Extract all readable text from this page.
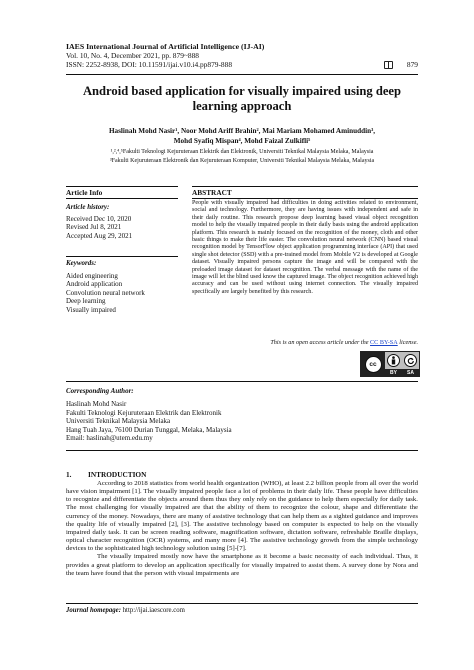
IAES International Journal of Artificial Intelligence (IJ-AI)
Vol. 10, No. 4, December 2021, pp. 879~888
ISSN: 2252-8938, DOI: 10.11591/ijai.v10.i4.pp879-888	879
Android based application for visually impaired using deep learning approach
Haslinah Mohd Nasir¹, Noor Mohd Ariff Brahin², Mai Mariam Mohamed Aminuddin³,
Mohd Syafiq Mispan⁴, Mohd Faizal Zulkifli⁵
¹,²,⁴,⁵Fakulti Teknologi Kejuruteraan Elektrik dan Elektronik, Universiti Teknikal Malaysia Melaka, Malaysia
³Fakulti Kejuruteraan Elektronik dan Kejuruteraan Komputer, Universiti Teknikal Malaysia Melaka, Malaysia
Article Info	ABSTRACT
Article history:
Received Dec 10, 2020
Revised Jul 8, 2021
Accepted Aug 29, 2021
Keywords:
Aided engineering
Android application
Convolution neural network
Deep learning
Visually impaired

People with visually impaired had difficulties in doing activities related to environment, social and technology. Furthermore, they are having issues with independent and safe in their daily routine. This research propose deep learning based visual object recognition model to help the visually impaired people in their daily basis using the android application platform. This research is mainly focused on the recognition of the money, cloth and other basic things to make their life easier. The convolution neural network (CNN) based visual recognition model by TensorFlow object application programming interface (API) that used single shot detector (SSD) with a pre-trained model from Mobile V2 is developed at Google dataset. Visually impaired persons capture the image and will be compared with the preloaded image dataset for dataset recognition. The verbal message with the name of the image will let the blind used know the captured image. The object recognition achieved high accuracy and can be used without using internet connection. The visually impaired specifically are largely benefited by this research.

This is an open access article under the CC BY-SA license.
cc
BY SA
Corresponding Author:
Haslinah Mohd Nasir
Fakulti Teknologi Kejuruteraan Elektrik dan Elektronik
Universiti Teknikal Malaysia Melaka
Hang Tuah Jaya, 76100 Durian Tunggal, Melaka, Malaysia
Email: haslinah@utem.edu.my
1. INTRODUCTION

According to 2018 statistics from world health organization (WHO), at least 2.2 billion people from all over the world have vision impairment [1]. The visually impaired people face a lot of problems in their daily life. These people have difficulties to recognize and differentiate the objects around them thus they only rely on the guidance to help them especially for daily task. The most challenging for visually impaired are that the ability of them to recognize the colour, shape and differentiate the currency of the money. Nowadays, there are many of assistive technology that can help them as a sighted guidance and improves the quality life of visually impaired [2], [3]. The assistive technology based on computer is expected to help on the visually impaired daily task. It can be screen reading software, magnification software, dictation software, refreshable Braille displays, optical character recognition (OCR) systems, and many more [4]. The assistive technology growth from the simple technology devices to the sophisticated high technology solution using [5]-[7].

The visually impaired mostly now have the smartphone as it become a basic necessity of each individual. Thus, it provides a great platform to develop an application specifically for visually impaired to assist them. A survey done by Nora and the team have found that the person with visual impairments are

Journal homepage: http://ijai.iaescore.com
